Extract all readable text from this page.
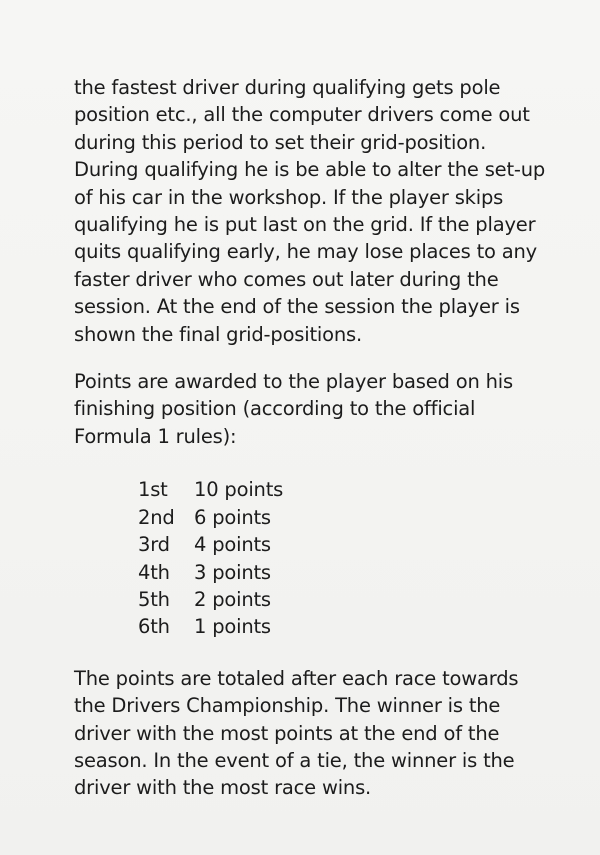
the fastest driver during qualifying gets pole
position etc., all the computer drivers come out
during this period to set their grid-position.
During qualifying he is be able to alter the set-up
of his car in the workshop. If the player skips
qualifying he is put last on the grid. If the player
quits qualifying early, he may lose places to any
faster driver who comes out later during the
session. At the end of the session the player is
shown the final grid-positions.

Points are awarded to the player based on his
finishing position (according to the official
Formula 1 rules):

1st	10 points
2nd	6 points
3rd	4 points
4th	3 points
5th	2 points
6th	1 points

The points are totaled after each race towards
the Drivers Championship. The winner is the
driver with the most points at the end of the
season. In the event of a tie, the winner is the
driver with the most race wins.
